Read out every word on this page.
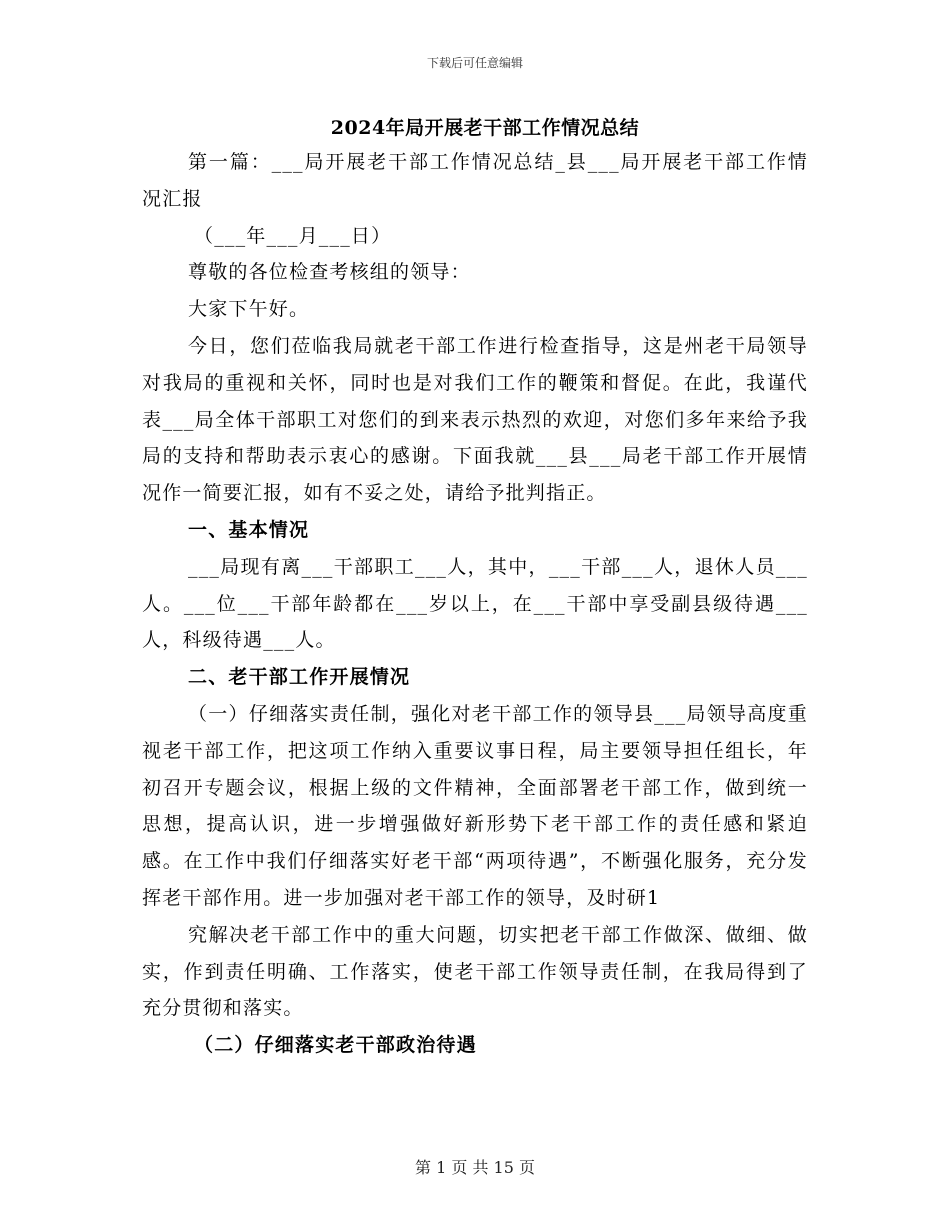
下载后可任意编辑
2024年局开展老干部工作情况总结

第一篇：___局开展老干部工作情况总结_县___局开展老干部工作情况汇报

（___年___月___日）

尊敬的各位检查考核组的领导：

大家下午好。

今日，您们莅临我局就老干部工作进行检查指导，这是州老干局领导对我局的重视和关怀，同时也是对我们工作的鞭策和督促。在此，我谨代表___局全体干部职工对您们的到来表示热烈的欢迎，对您们多年来给予我局的支持和帮助表示衷心的感谢。下面我就___县___局老干部工作开展情况作一简要汇报，如有不妥之处，请给予批判指正。

一、基本情况

___局现有离___干部职工___人，其中，___干部___人，退休人员___人。___位___干部年龄都在___岁以上，在___干部中享受副县级待遇___人，科级待遇___人。

二、老干部工作开展情况

（一）仔细落实责任制，强化对老干部工作的领导县___局领导高度重视老干部工作，把这项工作纳入重要议事日程，局主要领导担任组长，年初召开专题会议，根据上级的文件精神，全面部署老干部工作，做到统一思想，提高认识，进一步增强做好新形势下老干部工作的责任感和紧迫感。在工作中我们仔细落实好老干部“两项待遇”，不断强化服务，充分发挥老干部作用。进一步加强对老干部工作的领导，及时研1

究解决老干部工作中的重大问题，切实把老干部工作做深、做细、做实，作到责任明确、工作落实，使老干部工作领导责任制，在我局得到了充分贯彻和落实。

（二）仔细落实老干部政治待遇

第 1 页 共 15 页
